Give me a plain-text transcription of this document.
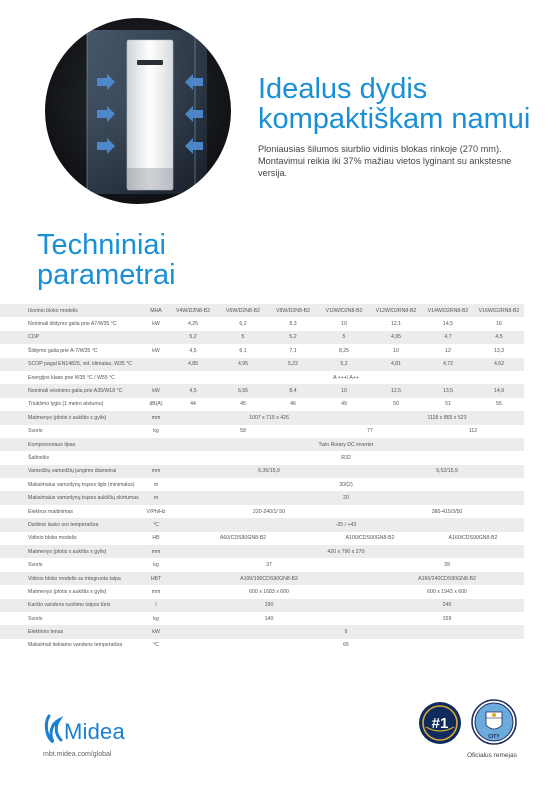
Idealus dydis
kompaktiškam namui
Ploniausias šilumos siurblio vidinis blokas rinkoje (270 mm). Montavimui reikia iki 37% mažiau vietos lyginant su ankstesne versija.
Techniniai
parametrai
Išorinio bloko modelis	MHA	V4W/D2N8-B2	V6W/D2N8-B2	V8W/D2N8-B2	V10W/D2N8-B2	V12W/D2RN8-B2	V14W/D2RN8-B2	V16W/D2RN8-B2
Nominali šildymo galia prie A7/W35 °C	kW	4,25	6,2	8,3	10	12,1	14,5	16
COP		5,2	5	5,2	5	4,95	4,7	4,5
Šildymo galia prie A-7/W35 °C	kW	4,5	6,1	7,1	8,25	10	12	13,3
SCOP pagal EN14825, vid. klimatas, W35 °C		4,85	4,95	5,22	5,2	4,81	4,72	4,62
Energijos klasė prie W35 °C / W55 °C		A +++/ A++						
Nominali vėsinimo galia prie A35/W18 °C	kW	4,5	6,55	8,4	10	12,5	13,5	14,9
Triukšmo lygis (1 metro atstumu)	dB(A)	44	45	46	49	50	51	55
Matmenys (plotis x aukštis x gylis)	mm	1007 x 715 x 426				1118 x 865 x 523		
Svoris	kg	58			77		112	
Kompresoriaus tipas		Twin Rotary DC inverter						
Šaltnešis		R32						
Vamzdžių vamzdžių jungimo diametrai	mm	6,35/15,9				9,52/15,9		
Maksimalus vamzdynų trąsos ilgis (minimalus)	m	30/(2)						
Maksimalus vamzdynų trąsos aukščių skirtumas	m	20						
Elektros maitinimas	V/Ph/Hz	220-240/1/ 50				380-415/3/50		
Darbinė lauko oro temperatūra	°C	-25 / +43						
Vidinio bloko modelis	HB	A60/CDS90GN8-B2			A100/CDS90GN8-B2		A160/CDS90GN8-B2	
Matmenys (plotis x aukštis x gylis)	mm	420 x 790 x 270						
Svoris	kg	37				39		
Vidinio bloko modelis su integruota talpa	HBT	A100/190CDS90GN8-B2				A160/240CDS90GN8-B2		
Matmenys (plotis x aukštis x gylis)	mm	600 x 1683 x 600				600 x 1943 x 600		
Karšto vandens ruošimo talpos tūris	l	190				240		
Svoris	kg	140				159		
Elektrinis tenas	kW	9						
Maksimali tiekiamo vandens temperatūra	°C	65						
Midea
mbt.midea.com/global
#1
CITY
Oficialus remejas
